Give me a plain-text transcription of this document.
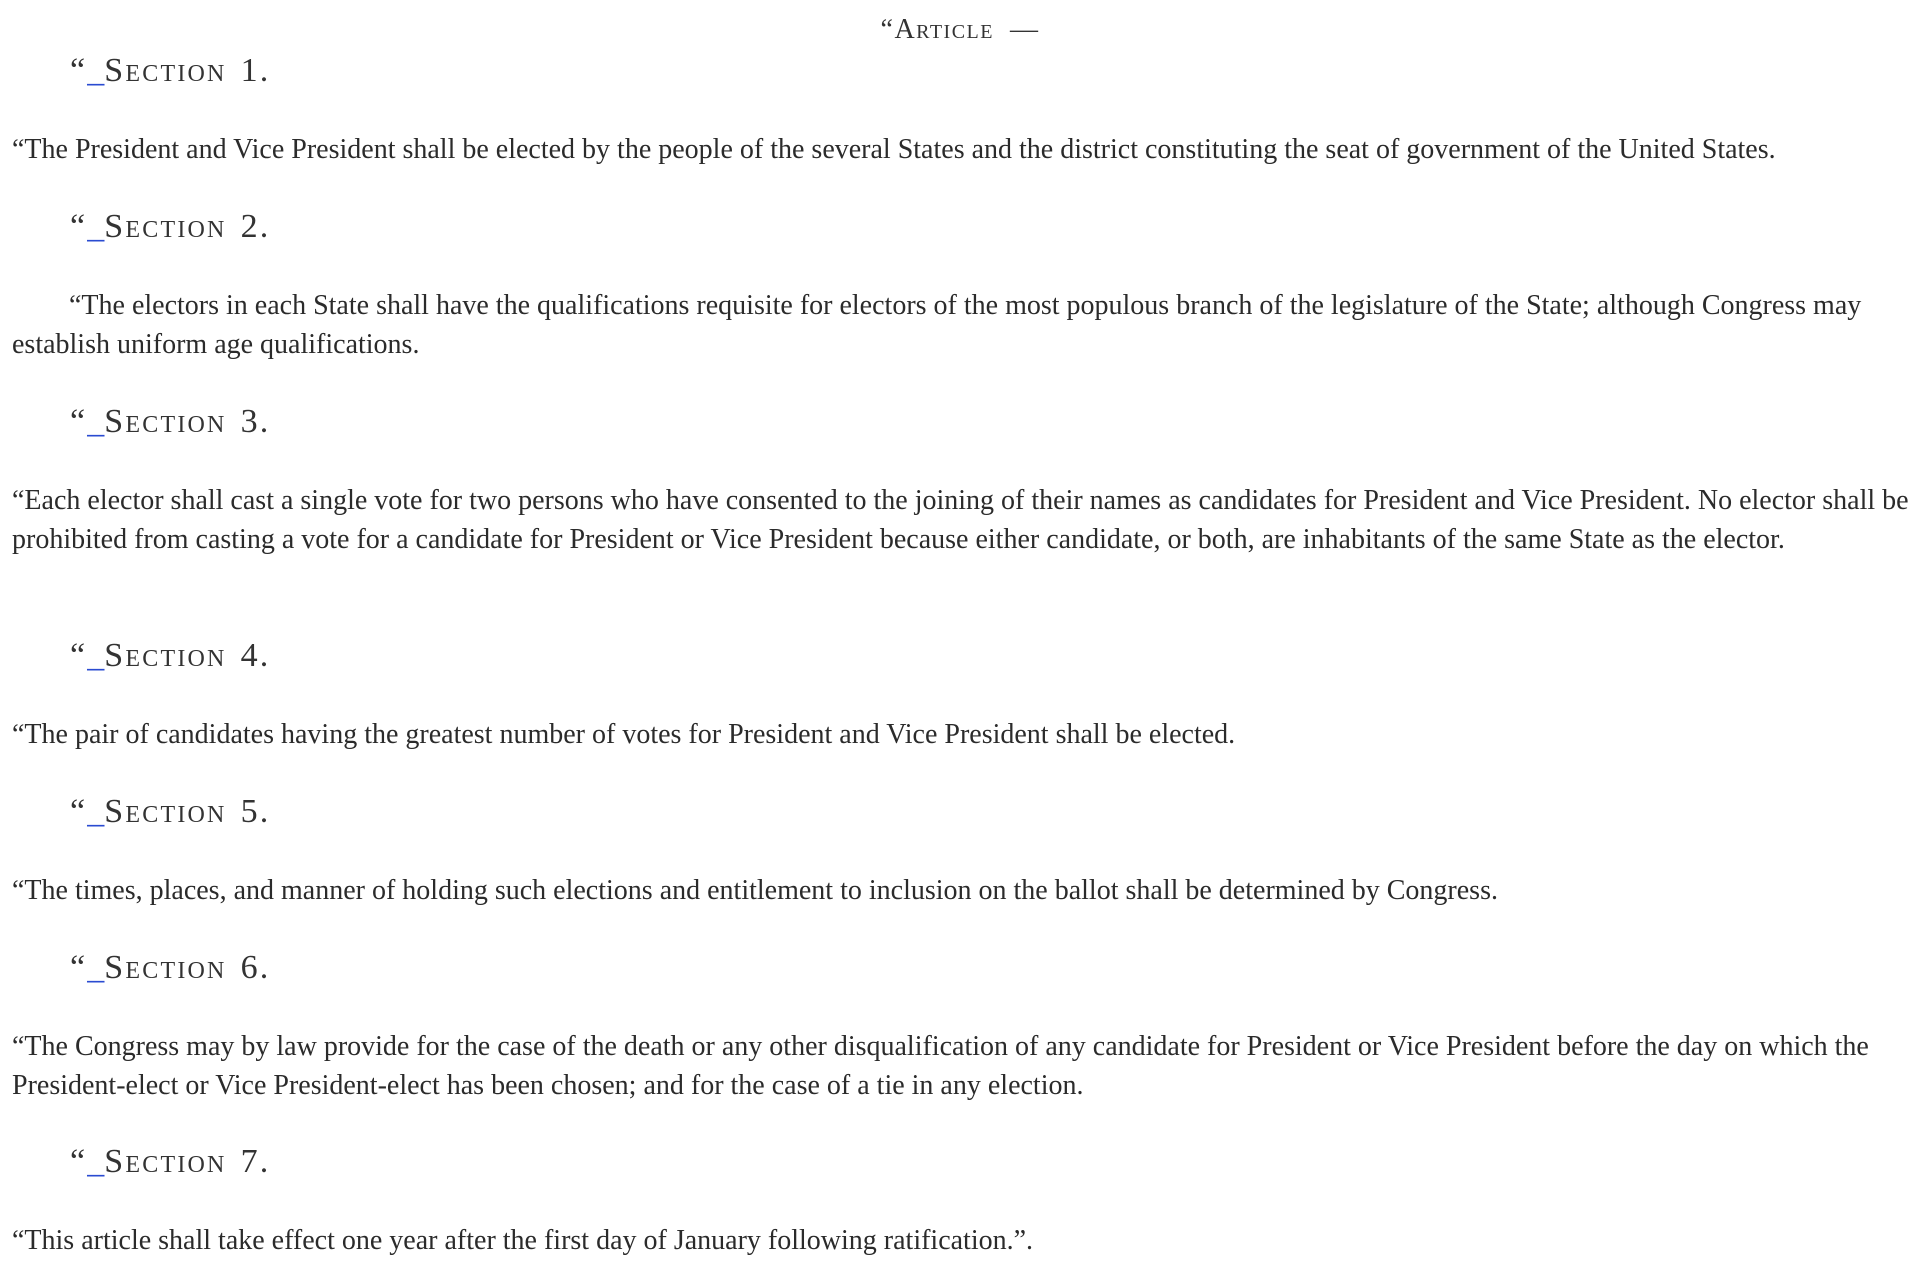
“Article —
“_Section 1.

“The President and Vice President shall be elected by the people of the several States and the district constituting the seat of government of the United States.

“_Section 2.

“The electors in each State shall have the qualifications requisite for electors of the most populous branch of the legislature of the State; although Congress may establish uniform age qualifications.

“_Section 3.

“Each elector shall cast a single vote for two persons who have consented to the joining of their names as candidates for President and Vice President. No elector shall be prohibited from casting a vote for a candidate for President or Vice President because either candidate, or both, are inhabitants of the same State as the elector.

“_Section 4.

“The pair of candidates having the greatest number of votes for President and Vice President shall be elected.

“_Section 5.

“The times, places, and manner of holding such elections and entitlement to inclusion on the ballot shall be determined by Congress.

“_Section 6.

“The Congress may by law provide for the case of the death or any other disqualification of any candidate for President or Vice President before the day on which the President-elect or Vice President-elect has been chosen; and for the case of a tie in any election.

“_Section 7.

“This article shall take effect one year after the first day of January following ratification.”.
